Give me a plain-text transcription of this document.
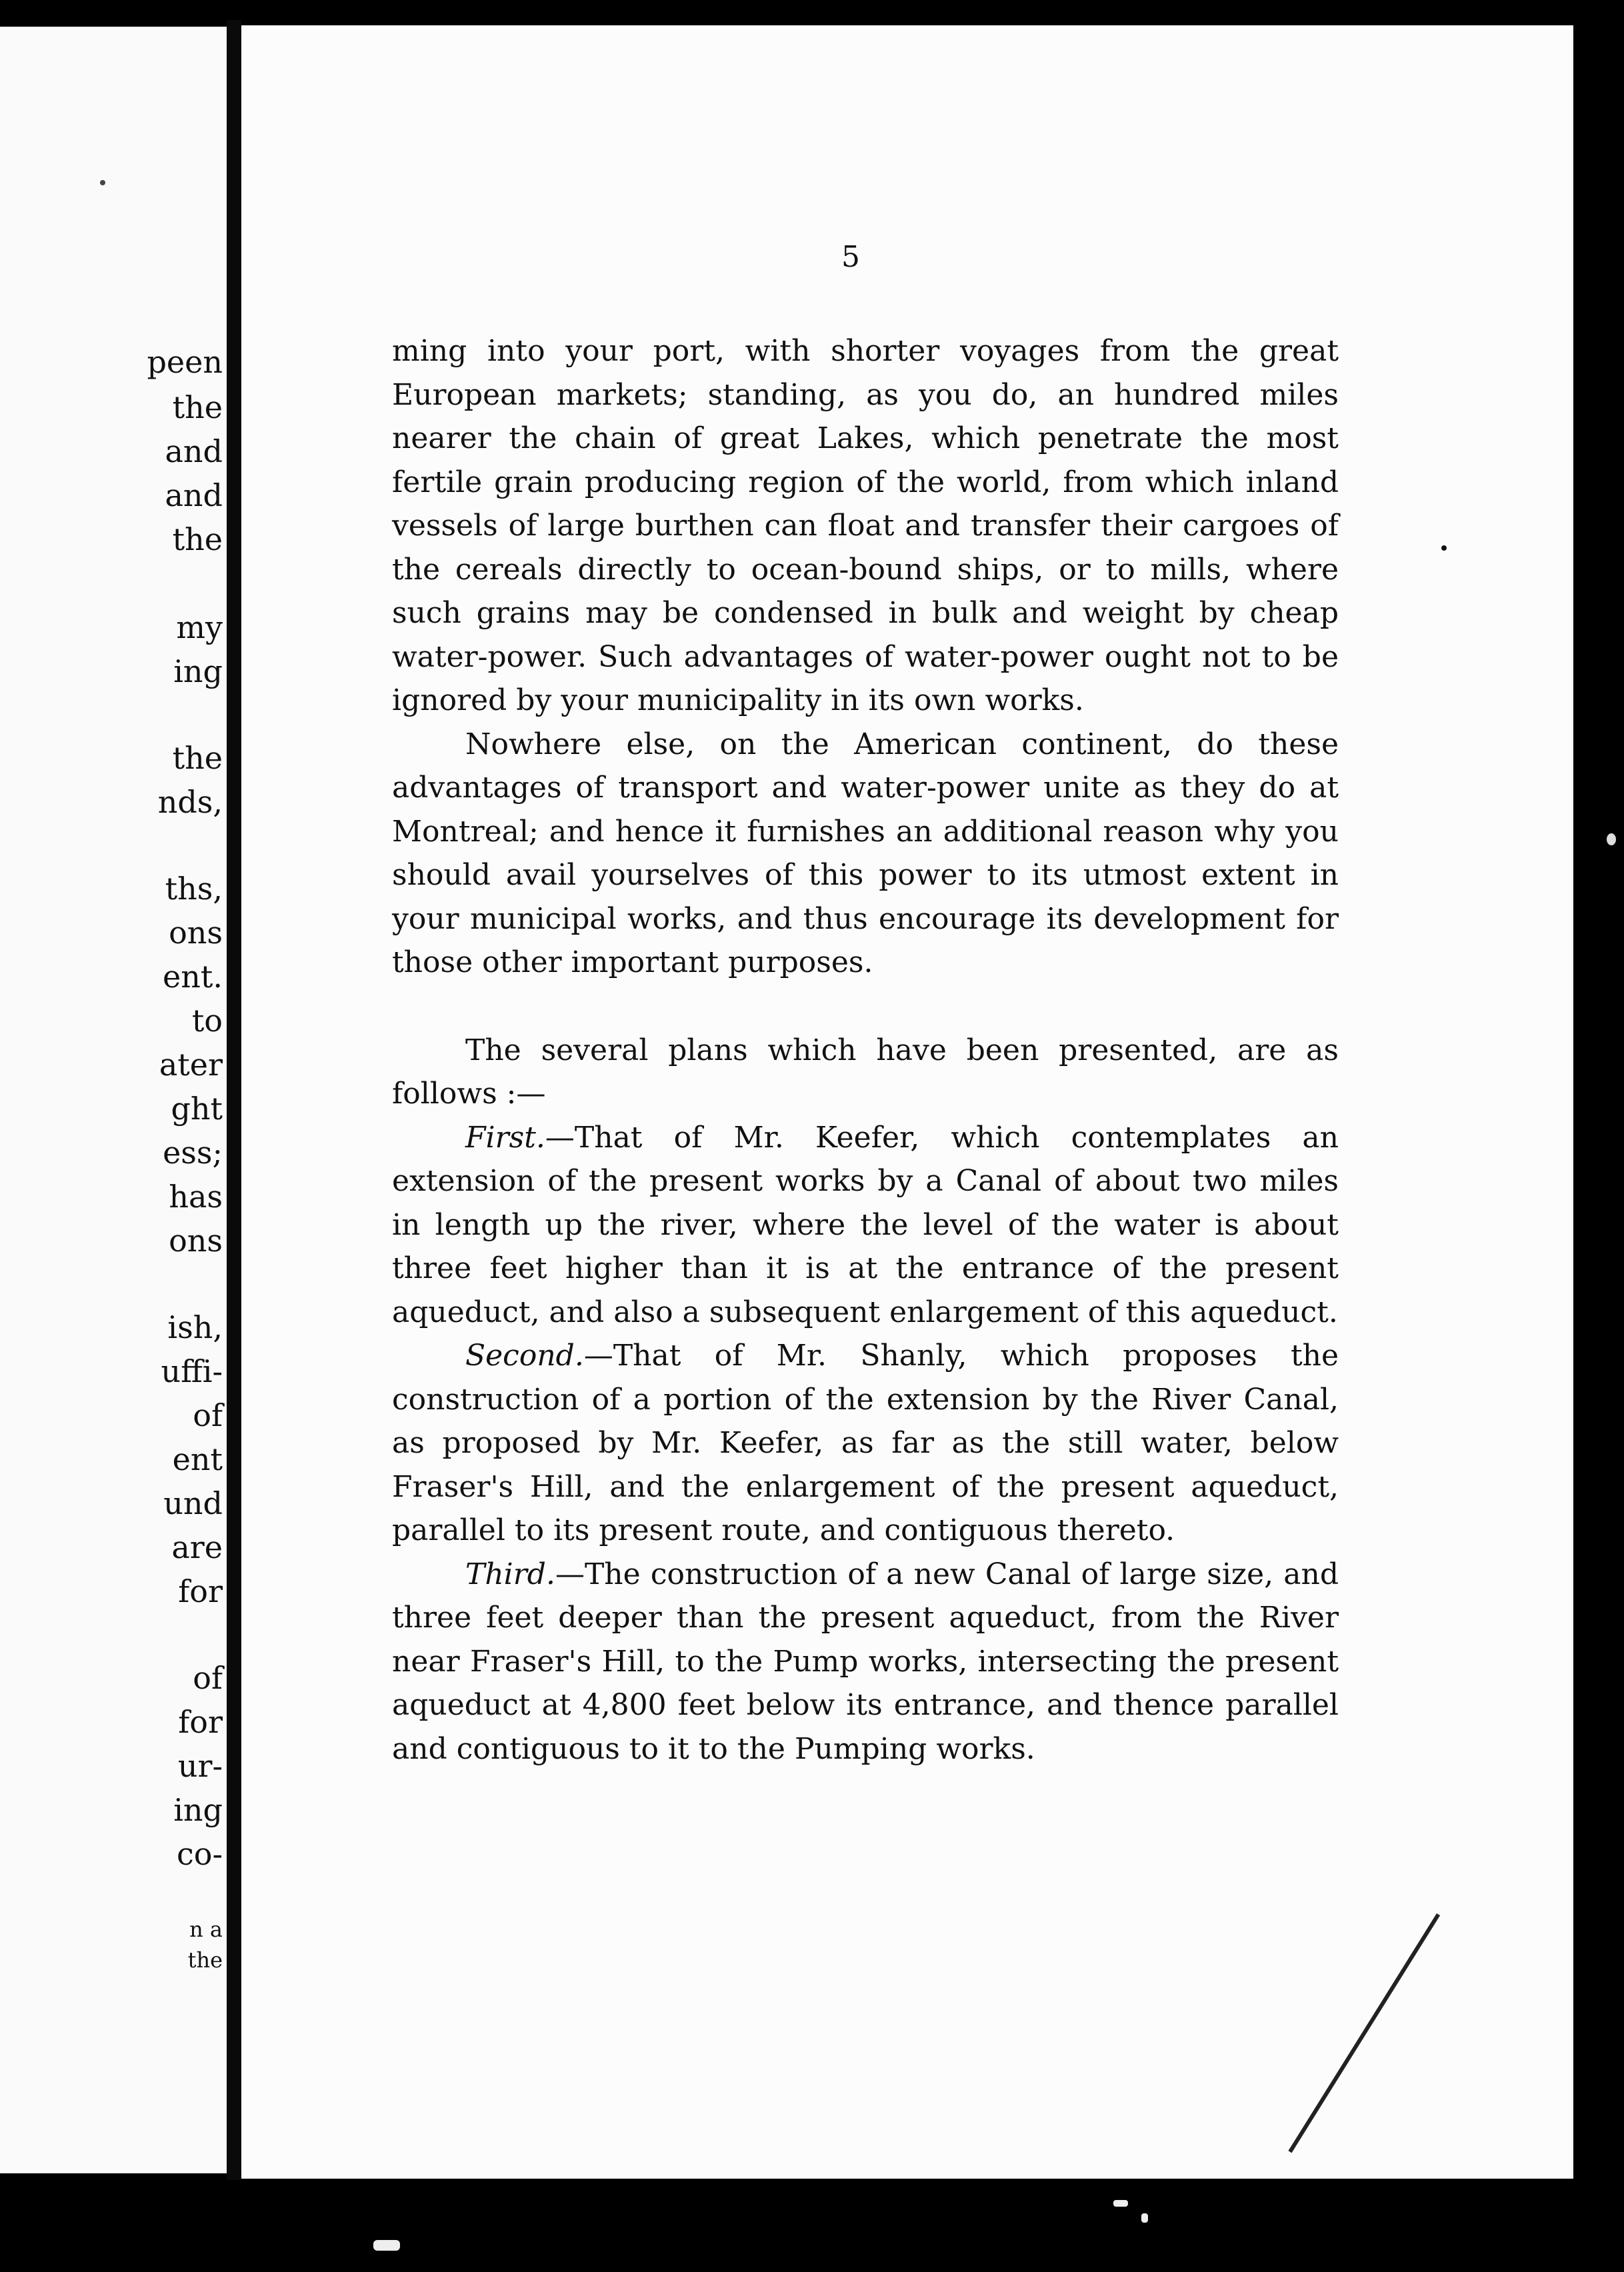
peen
the
and
and
the
my
ing
the
nds,
ths,
ons
ent.
to
ater
ght
ess;
has
ons
ish,
uffi-
of
ent
und
are
for
of
for
ur-
ing
co-
n a
the
5

ming into your port, with shorter voyages from the great European markets; standing, as you do, an hundred miles nearer the chain of great Lakes, which penetrate the most fertile grain producing region of the world, from which inland vessels of large burthen can float and transfer their cargoes of the cereals directly to ocean-bound ships, or to mills, where such grains may be condensed in bulk and weight by cheap water-power. Such advantages of water-power ought not to be ignored by your municipality in its own works.

Nowhere else, on the American continent, do these advantages of transport and water-power unite as they do at Montreal; and hence it furnishes an additional reason why you should avail yourselves of this power to its utmost extent in your municipal works, and thus encourage its development for those other important purposes.

The several plans which have been presented, are as follows :—

First.—That of Mr. Keefer, which contemplates an extension of the present works by a Canal of about two miles in length up the river, where the level of the water is about three feet higher than it is at the entrance of the present aqueduct, and also a subsequent enlargement of this aqueduct.

Second.—That of Mr. Shanly, which proposes the construction of a portion of the extension by the River Canal, as proposed by Mr. Keefer, as far as the still water, below Fraser's Hill, and the enlargement of the present aqueduct, parallel to its present route, and contiguous thereto.

Third.—The construction of a new Canal of large size, and three feet deeper than the present aqueduct, from the River near Fraser's Hill, to the Pump works, intersecting the present aqueduct at 4,800 feet below its entrance, and thence parallel and contiguous to it to the Pumping works.
